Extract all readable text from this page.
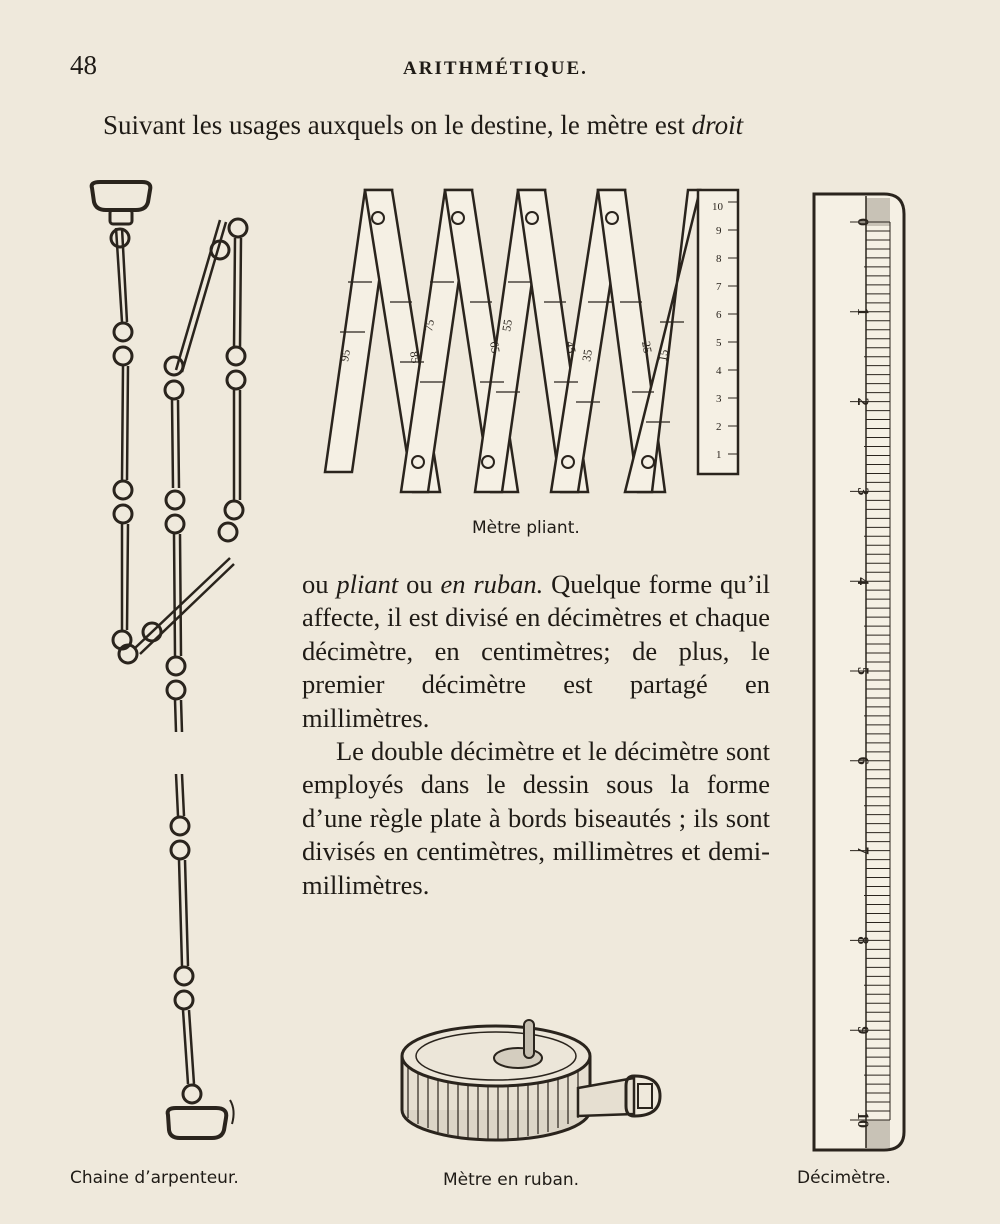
48	ARITHMÉTIQUE.
Suivant les usages auxquels on le destine, le mètre est droit
95	85
75
65
55
45
35
25
15
1
2
3
4
5
6
7
8
9
10
Mètre pliant.
0
1
2
3
4
5
6
7
8
9
10

ou pliant ou en ruban. Quelque forme qu’il affecte, il est divisé en décimètres et chaque décimètre, en centimètres; de plus, le premier décimètre est partagé en millimètres.

Le double décimètre et le décimètre sont employés dans le dessin sous la forme d’une règle plate à bords biseautés ; ils sont divisés en centimètres, millimètres et demi-millimètres.

Chaine d’arpenteur.	Mètre en ruban.	Décimètre.
